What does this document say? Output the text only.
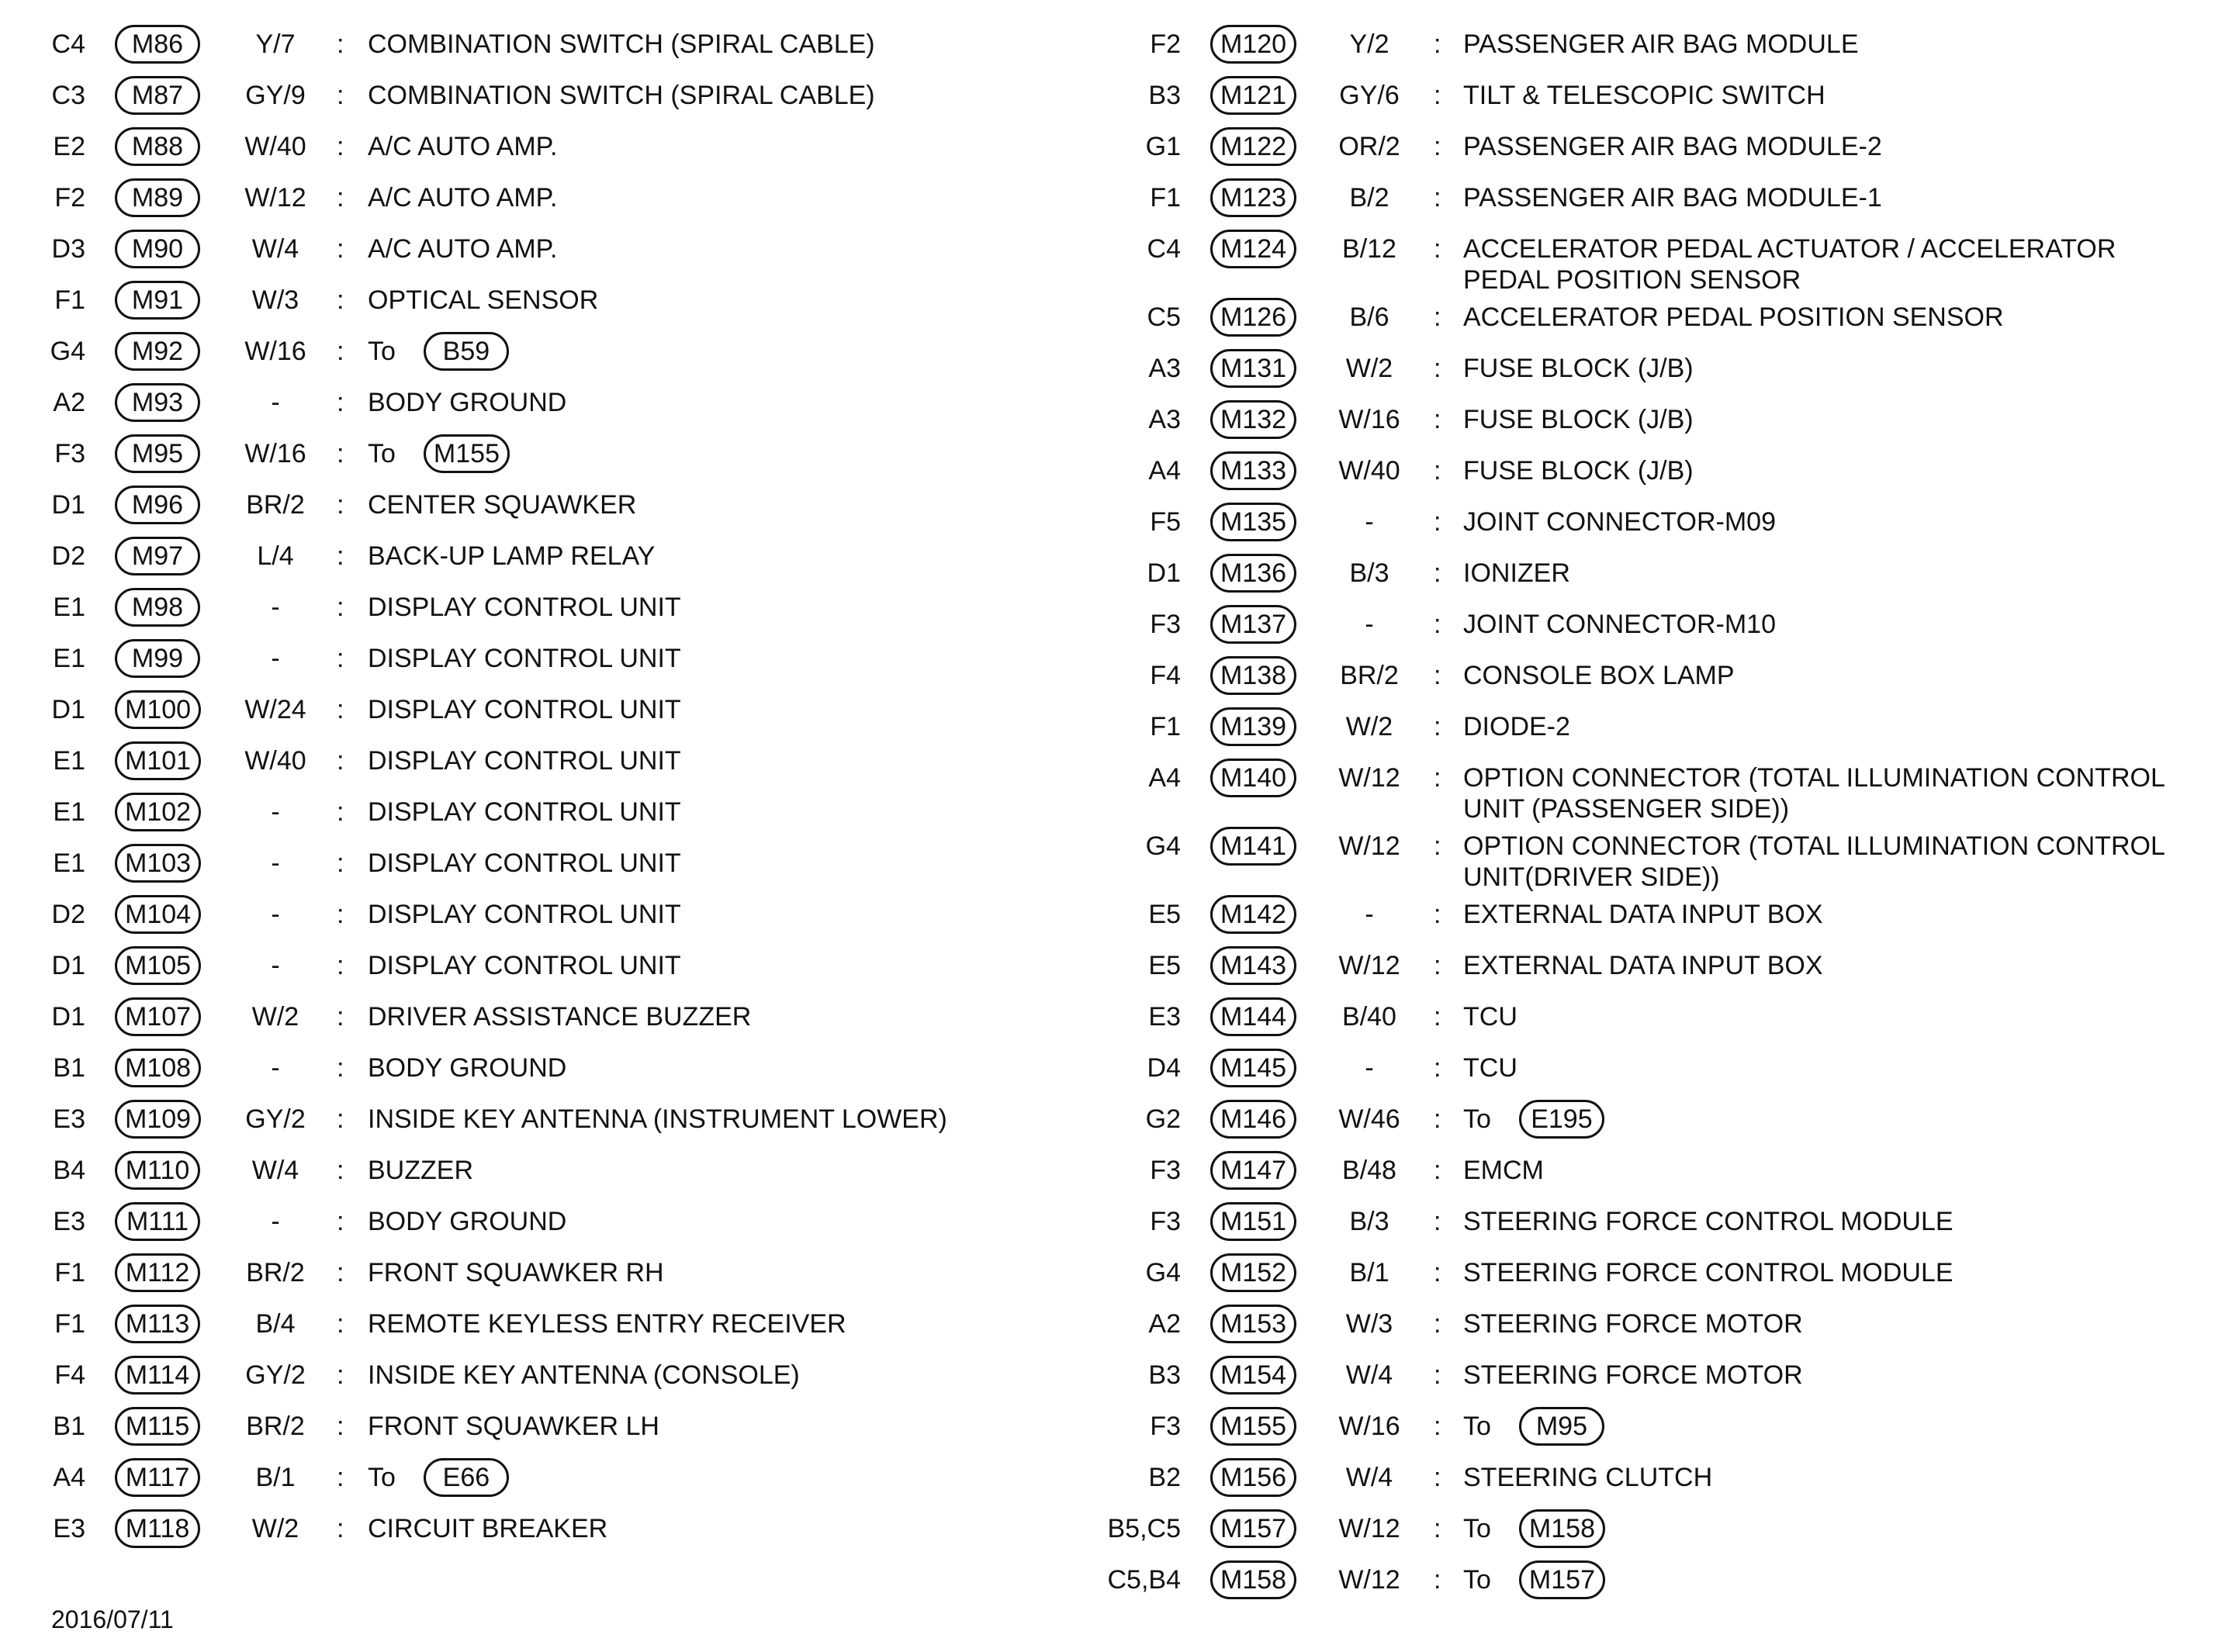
C4	M86	Y/7	: COMBINATION SWITCH (SPIRAL CABLE)
C3	M87	GY/9	: COMBINATION SWITCH (SPIRAL CABLE)
E2	M88	W/40	: A/C AUTO AMP.
F2	M89	W/12	: A/C AUTO AMP.
D3	M90	W/4	: A/C AUTO AMP.
F1	M91	W/3	: OPTICAL SENSOR
G4	M92	W/16	: To B59
A2	M93	-	: BODY GROUND
F3	M95	W/16	: To M155
D1	M96	BR/2	: CENTER SQUAWKER
D2	M97	L/4	: BACK-UP LAMP RELAY
E1	M98	-	: DISPLAY CONTROL UNIT
E1	M99	-	: DISPLAY CONTROL UNIT
D1	M100	W/24	: DISPLAY CONTROL UNIT
E1	M101	W/40	: DISPLAY CONTROL UNIT
E1	M102	-	: DISPLAY CONTROL UNIT
E1	M103	-	: DISPLAY CONTROL UNIT
D2	M104	-	: DISPLAY CONTROL UNIT
D1	M105	-	: DISPLAY CONTROL UNIT
D1	M107	W/2	: DRIVER ASSISTANCE BUZZER
B1	M108	-	: BODY GROUND
E3	M109	GY/2	: INSIDE KEY ANTENNA (INSTRUMENT LOWER)
B4	M110	W/4	: BUZZER
E3	M111	-	: BODY GROUND
F1	M112	BR/2	: FRONT SQUAWKER RH
F1	M113	B/4	: REMOTE KEYLESS ENTRY RECEIVER
F4	M114	GY/2	: INSIDE KEY ANTENNA (CONSOLE)
B1	M115	BR/2	: FRONT SQUAWKER LH
A4	M117	B/1	: To E66
E3	M118	W/2	: CIRCUIT BREAKER
F2	M120	Y/2	: PASSENGER AIR BAG MODULE
B3	M121	GY/6	: TILT & TELESCOPIC SWITCH
G1	M122	OR/2	: PASSENGER AIR BAG MODULE-2
F1	M123	B/2	: PASSENGER AIR BAG MODULE-1
C4	M124	B/12	: ACCELERATOR PEDAL ACTUATOR / ACCELERATOR PEDAL POSITION SENSOR
C5	M126	B/6	: ACCELERATOR PEDAL POSITION SENSOR
A3	M131	W/2	: FUSE BLOCK (J/B)
A3	M132	W/16	: FUSE BLOCK (J/B)
A4	M133	W/40	: FUSE BLOCK (J/B)
F5	M135	-	: JOINT CONNECTOR-M09
D1	M136	B/3	: IONIZER
F3	M137	-	: JOINT CONNECTOR-M10
F4	M138	BR/2	: CONSOLE BOX LAMP
F1	M139	W/2	: DIODE-2
A4	M140	W/12	: OPTION CONNECTOR (TOTAL ILLUMINATION CONTROL UNIT (PASSENGER SIDE))
G4	M141	W/12	: OPTION CONNECTOR (TOTAL ILLUMINATION CONTROL UNIT(DRIVER SIDE))
E5	M142	-	: EXTERNAL DATA INPUT BOX
E5	M143	W/12	: EXTERNAL DATA INPUT BOX
E3	M144	B/40	: TCU
D4	M145	-	: TCU
G2	M146	W/46	: To E195
F3	M147	B/48	: EMCM
F3	M151	B/3	: STEERING FORCE CONTROL MODULE
G4	M152	B/1	: STEERING FORCE CONTROL MODULE
A2	M153	W/3	: STEERING FORCE MOTOR
B3	M154	W/4	: STEERING FORCE MOTOR
F3	M155	W/16	: To M95
B2	M156	W/4	: STEERING CLUTCH
B5,C5	M157	W/12	: To M158
C5,B4	M158	W/12	: To M157
2016/07/11
